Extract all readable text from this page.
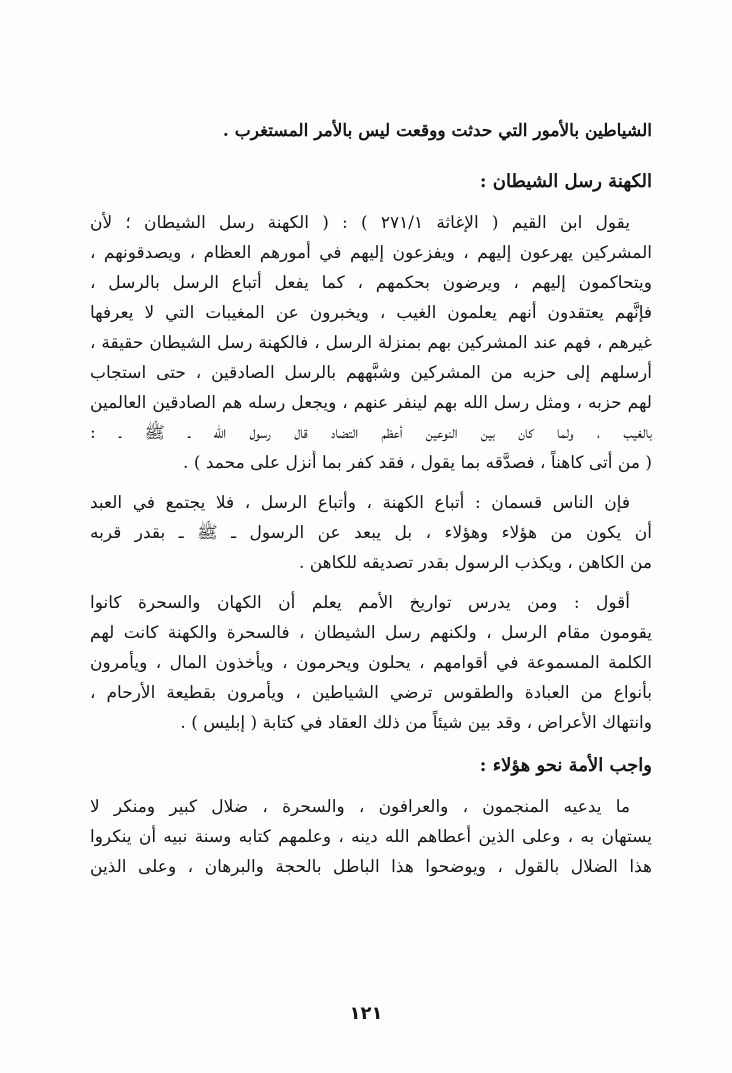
الشياطين بالأمور التي حدثت ووقعت ليس بالأمر المستغرب .
الكهنة رسل الشيطان :
يقول ابن القيم ( الإغاثة ٢٧١/١ ) : ( الكهنة رسل الشيطان ؛ لأن
المشركين يهرعون إليهم ، ويفزعون إليهم في أمورهم العظام ، ويصدقونهم ،
ويتحاكمون إليهم ، ويرضون بحكمهم ، كما يفعل أتباع الرسل بالرسل ،
فإنَّهم يعتقدون أنهم يعلمون الغيب ، ويخبرون عن المغيبات التي لا يعرفها
غيرهم ، فهم عند المشركين بهم بمنزلة الرسل ، فالكهنة رسل الشيطان حقيقة ،
أرسلهم إلى حزبه من المشركين وشبَّههم بالرسل الصادقين ، حتى استجاب
لهم حزبه ، ومثل رسل الله بهم لينفر عنهم ، ويجعل رسله هم الصادقين العالمين
بالغيب ، ولما كان بين النوعين أعظم التضاد قال رسول الله ـ ﷺ ـ :
( من أتى كاهناً ، فصدَّقه بما يقول ، فقد كفر بما أُنزل على محمد ) .
فإن الناس قسمان : أتباع الكهنة ، وأتباع الرسل ، فلا يجتمع في العبد
أن يكون من هؤلاء وهؤلاء ، بل يبعد عن الرسول ـ ﷺ ـ بقدر قربه
من الكاهن ، ويكذب الرسول بقدر تصديقه للكاهن .
أقول : ومن يدرس تواريخ الأمم يعلم أن الكهان والسحرة كانوا
يقومون مقام الرسل ، ولكنهم رسل الشيطان ، فالسحرة والكهنة كانت لهم
الكلمة المسموعة في أقوامهم ، يحلون ويحرمون ، ويأخذون المال ، ويأمرون
بأنواع من العبادة والطقوس ترضي الشياطين ، ويأمرون بقطيعة الأرحام ،
وانتهاك الأعراض ، وقد بين شيئاً من ذلك العقاد في كتابة ( إبليس ) .
واجب الأمة نحو هؤلاء :
ما يدعيه المنجمون ، والعرافون ، والسحرة ، ضلال كبير ومنكر لا
يستهان به ، وعلى الذين أعطاهم الله دينه ، وعلمهم كتابه وسنة نبيه أن ينكروا
هذا الضلال بالقول ، ويوضحوا هذا الباطل بالحجة والبرهان ، وعلى الذين
١٢١
